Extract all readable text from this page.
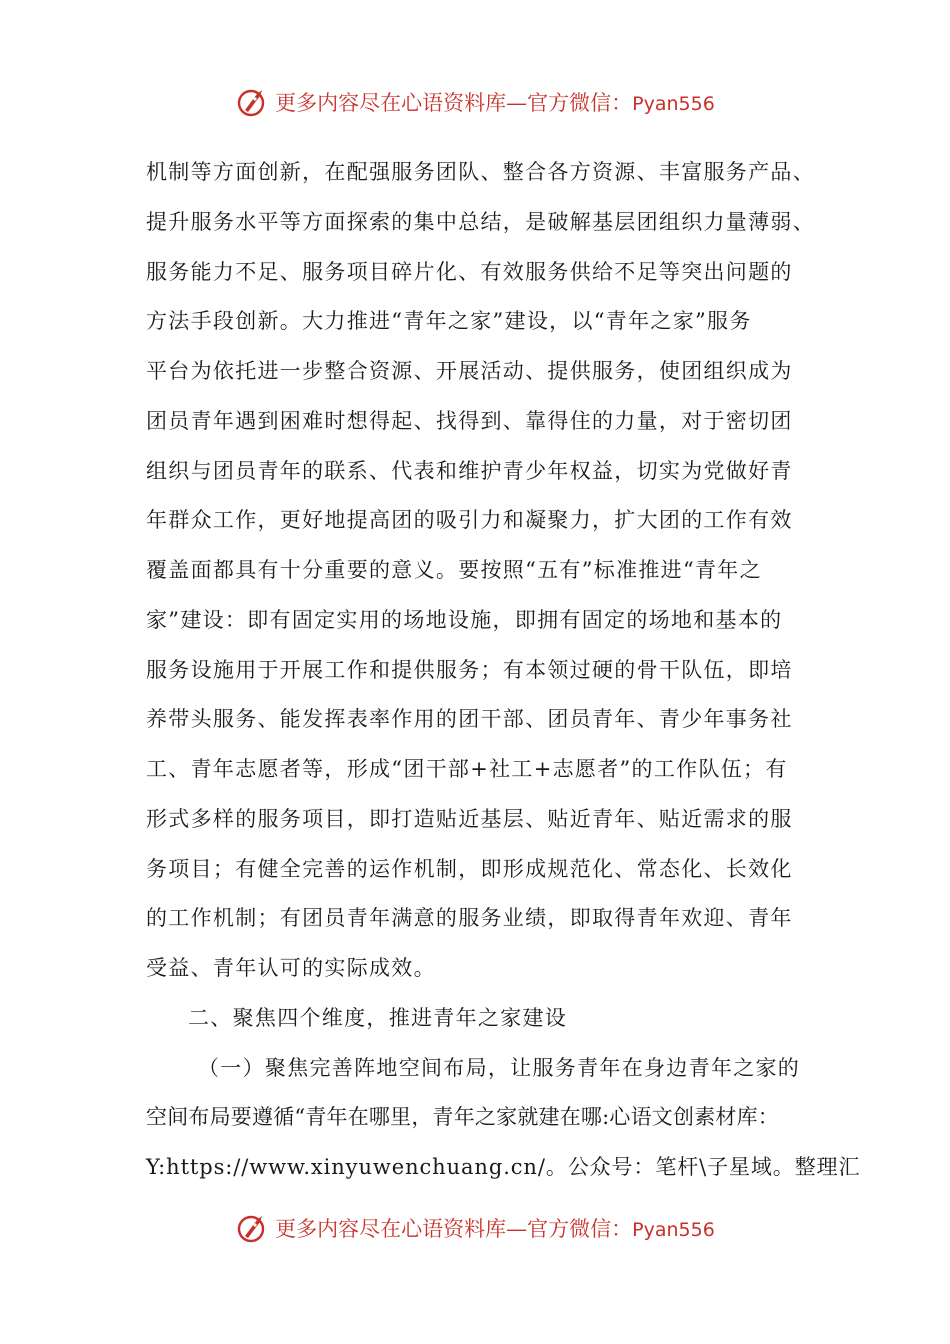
更多内容尽在心语资料库—官方微信：Pyan556
机制等方面创新，在配强服务团队、整合各方资源、丰富服务产品、
提升服务水平等方面探索的集中总结，是破解基层团组织力量薄弱、
服务能力不足、服务项目碎片化、有效服务供给不足等突出问题的
方法手段创新。大力推进“青年之家”建设，以“青年之家”服务
平台为依托进一步整合资源、开展活动、提供服务，使团组织成为
团员青年遇到困难时想得起、找得到、靠得住的力量，对于密切团
组织与团员青年的联系、代表和维护青少年权益，切实为党做好青
年群众工作，更好地提高团的吸引力和凝聚力，扩大团的工作有效
覆盖面都具有十分重要的意义。要按照“五有”标准推进“青年之
家”建设：即有固定实用的场地设施，即拥有固定的场地和基本的
服务设施用于开展工作和提供服务；有本领过硬的骨干队伍，即培
养带头服务、能发挥表率作用的团干部、团员青年、青少年事务社
工、青年志愿者等，形成“团干部+社工+志愿者”的工作队伍；有
形式多样的服务项目，即打造贴近基层、贴近青年、贴近需求的服
务项目；有健全完善的运作机制，即形成规范化、常态化、长效化
的工作机制；有团员青年满意的服务业绩，即取得青年欢迎、青年
受益、青年认可的实际成效。
二、聚焦四个维度，推进青年之家建设
（一）聚焦完善阵地空间布局，让服务青年在身边青年之家的
空间布局要遵循“青年在哪里，青年之家就建在哪:心语文创素材库：
Y:https://www.xinyuwenchuang.cn/。公众号：笔杆\子星域。整理汇
更多内容尽在心语资料库—官方微信：Pyan556
